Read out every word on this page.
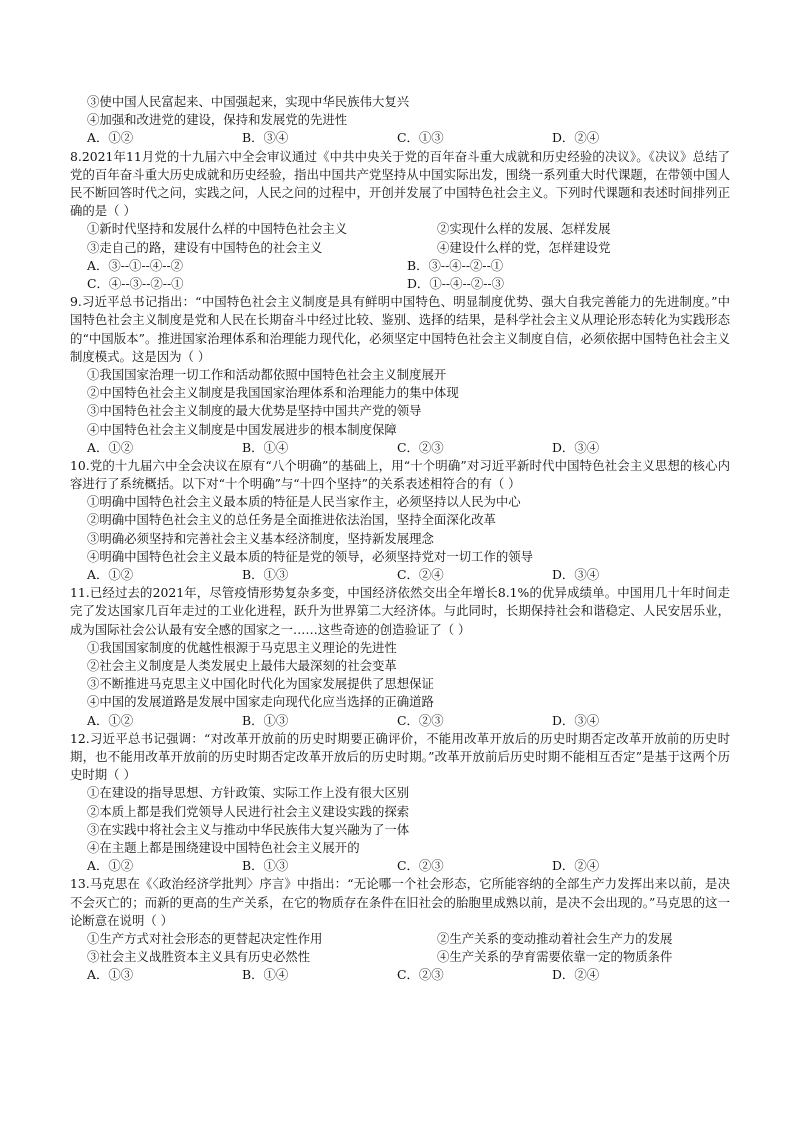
③使中国人民富起来、中国强起来，实现中华民族伟大复兴
④加强和改进党的建设，保持和发展党的先进性
A．①②	B．③④	C．①③	D．②④
8.2021年11月党的十九届六中全会审议通过《中共中央关于党的百年奋斗重大成就和历史经验的决议》。《决议》总结了党的百年奋斗重大历史成就和历史经验，指出中国共产党坚持从中国实际出发，围绕一系列重大时代课题，在带领中国人民不断回答时代之问，实践之问，人民之问的过程中，开创并发展了中国特色社会主义。下列时代课题和表述时间排列正确的是（ ）
①新时代坚持和发展什么样的中国特色社会主义	②实现什么样的发展、怎样发展
③走自己的路，建设有中国特色的社会主义	④建设什么样的党，怎样建设党
A．③--①--④--②	B．③--④--②--①
C．④--③--②--①	D．①--④--②--③
9.习近平总书记指出：“中国特色社会主义制度是具有鲜明中国特色、明显制度优势、强大自我完善能力的先进制度。”中国特色社会主义制度是党和人民在长期奋斗中经过比较、鉴别、选择的结果，是科学社会主义从理论形态转化为实践形态的“中国版本”。推进国家治理体系和治理能力现代化，必须坚定中国特色社会主义制度自信，必须依据中国特色社会主义制度模式。这是因为（ ）
①我国国家治理一切工作和活动都依照中国特色社会主义制度展开
②中国特色社会主义制度是我国国家治理体系和治理能力的集中体现
③中国特色社会主义制度的最大优势是坚持中国共产党的领导
④中国特色社会主义制度是中国发展进步的根本制度保障
A．①②	B．①④	C．②③	D．③④
10.党的十九届六中全会决议在原有“八个明确”的基础上，用“十个明确”对习近平新时代中国特色社会主义思想的核心内容进行了系统概括。以下对“十个明确”与“十四个坚持”的关系表述相符合的有（ ）
①明确中国特色社会主义最本质的特征是人民当家作主，必须坚持以人民为中心
②明确中国特色社会主义的总任务是全面推进依法治国，坚持全面深化改革
③明确必须坚持和完善社会主义基本经济制度，坚持新发展理念
④明确中国特色社会主义最本质的特征是党的领导，必须坚持党对一切工作的领导
A．①②	B．①③	C．②④	D．③④
11.已经过去的2021年，尽管疫情形势复杂多变，中国经济依然交出全年增长8.1%的优异成绩单。中国用几十年时间走完了发达国家几百年走过的工业化进程，跃升为世界第二大经济体。与此同时，长期保持社会和谐稳定、人民安居乐业，成为国际社会公认最有安全感的国家之一……这些奇迹的创造验证了（ ）
①我国国家制度的优越性根源于马克思主义理论的先进性
②社会主义制度是人类发展史上最伟大最深刻的社会变革
③不断推进马克思主义中国化时代化为国家发展提供了思想保证
④中国的发展道路是发展中国家走向现代化应当选择的正确道路
A．①②	B．①③	C．②③	D．③④
12.习近平总书记强调：“对改革开放前的历史时期要正确评价，不能用改革开放后的历史时期否定改革开放前的历史时期，也不能用改革开放前的历史时期否定改革开放后的历史时期。”改革开放前后历史时期不能相互否定”是基于这两个历史时期（ ）
①在建设的指导思想、方针政策、实际工作上没有很大区别
②本质上都是我们党领导人民进行社会主义建设实践的探索
③在实践中将社会主义与推动中华民族伟大复兴融为了一体
④在主题上都是围绕建设中国特色社会主义展开的
A．①②	B．①③	C．②③	D．②④
13.马克思在《〈政治经济学批判〉序言》中指出：“无论哪一个社会形态，它所能容纳的全部生产力发挥出来以前，是决不会灭亡的；而新的更高的生产关系，在它的物质存在条件在旧社会的胎胞里成熟以前，是决不会出现的。”马克思的这一论断意在说明（ ）
①生产方式对社会形态的更替起决定性作用	②生产关系的变动推动着社会生产力的发展
③社会主义战胜资本主义具有历史必然性	④生产关系的孕育需要依靠一定的物质条件
A．①③	B．①④	C．②③	D．②④
